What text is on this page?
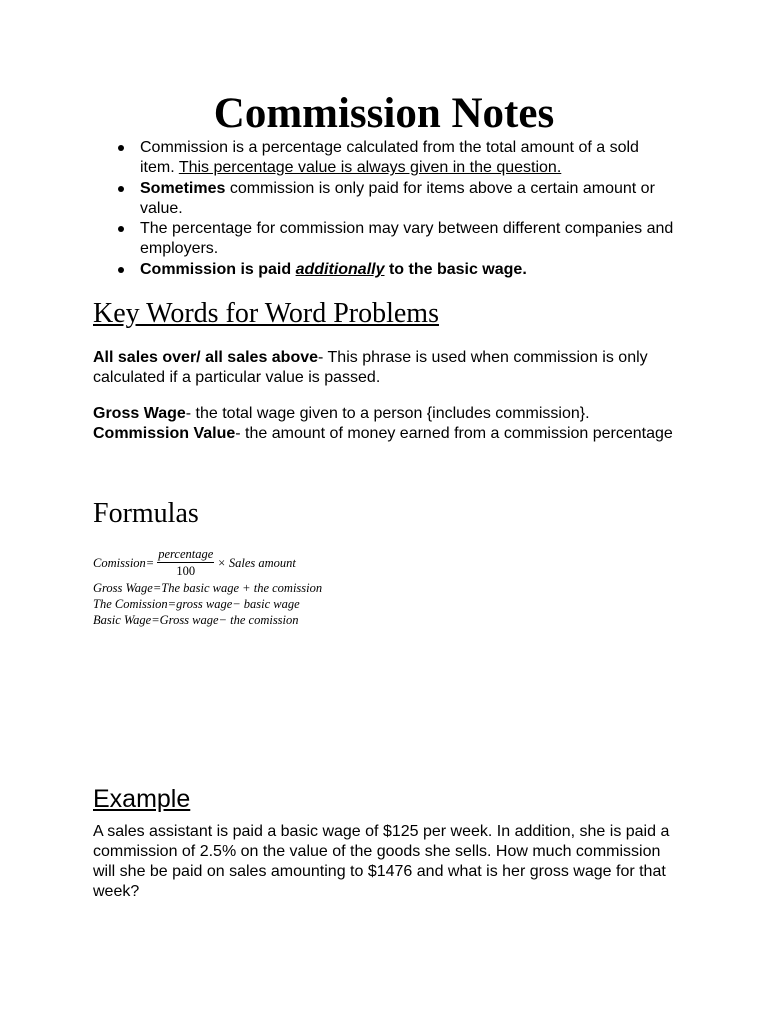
Commission Notes
Commission is a percentage calculated from the total amount of a sold item. This percentage value is always given in the question.
Sometimes commission is only paid for items above a certain amount or value.
The percentage for commission may vary between different companies and employers.
Commission is paid additionally to the basic wage.
Key Words for Word Problems

All sales over/ all sales above- This phrase is used when commission is only calculated if a particular value is passed.

Gross Wage- the total wage given to a person {includes commission}.

Commission Value- the amount of money earned from a commission percentage

Formulas
Comission= $\frac{\text{percentage}}{100}$ × Sales amount
Gross Wage=The basic wage + the comission
The Comission=gross wage− basic wage
Basic Wage=Gross wage− the comission
Example

A sales assistant is paid a basic wage of $125 per week. In addition, she is paid a commission of 2.5% on the value of the goods she sells. How much commission will she be paid on sales amounting to $1476 and what is her gross wage for that week?
